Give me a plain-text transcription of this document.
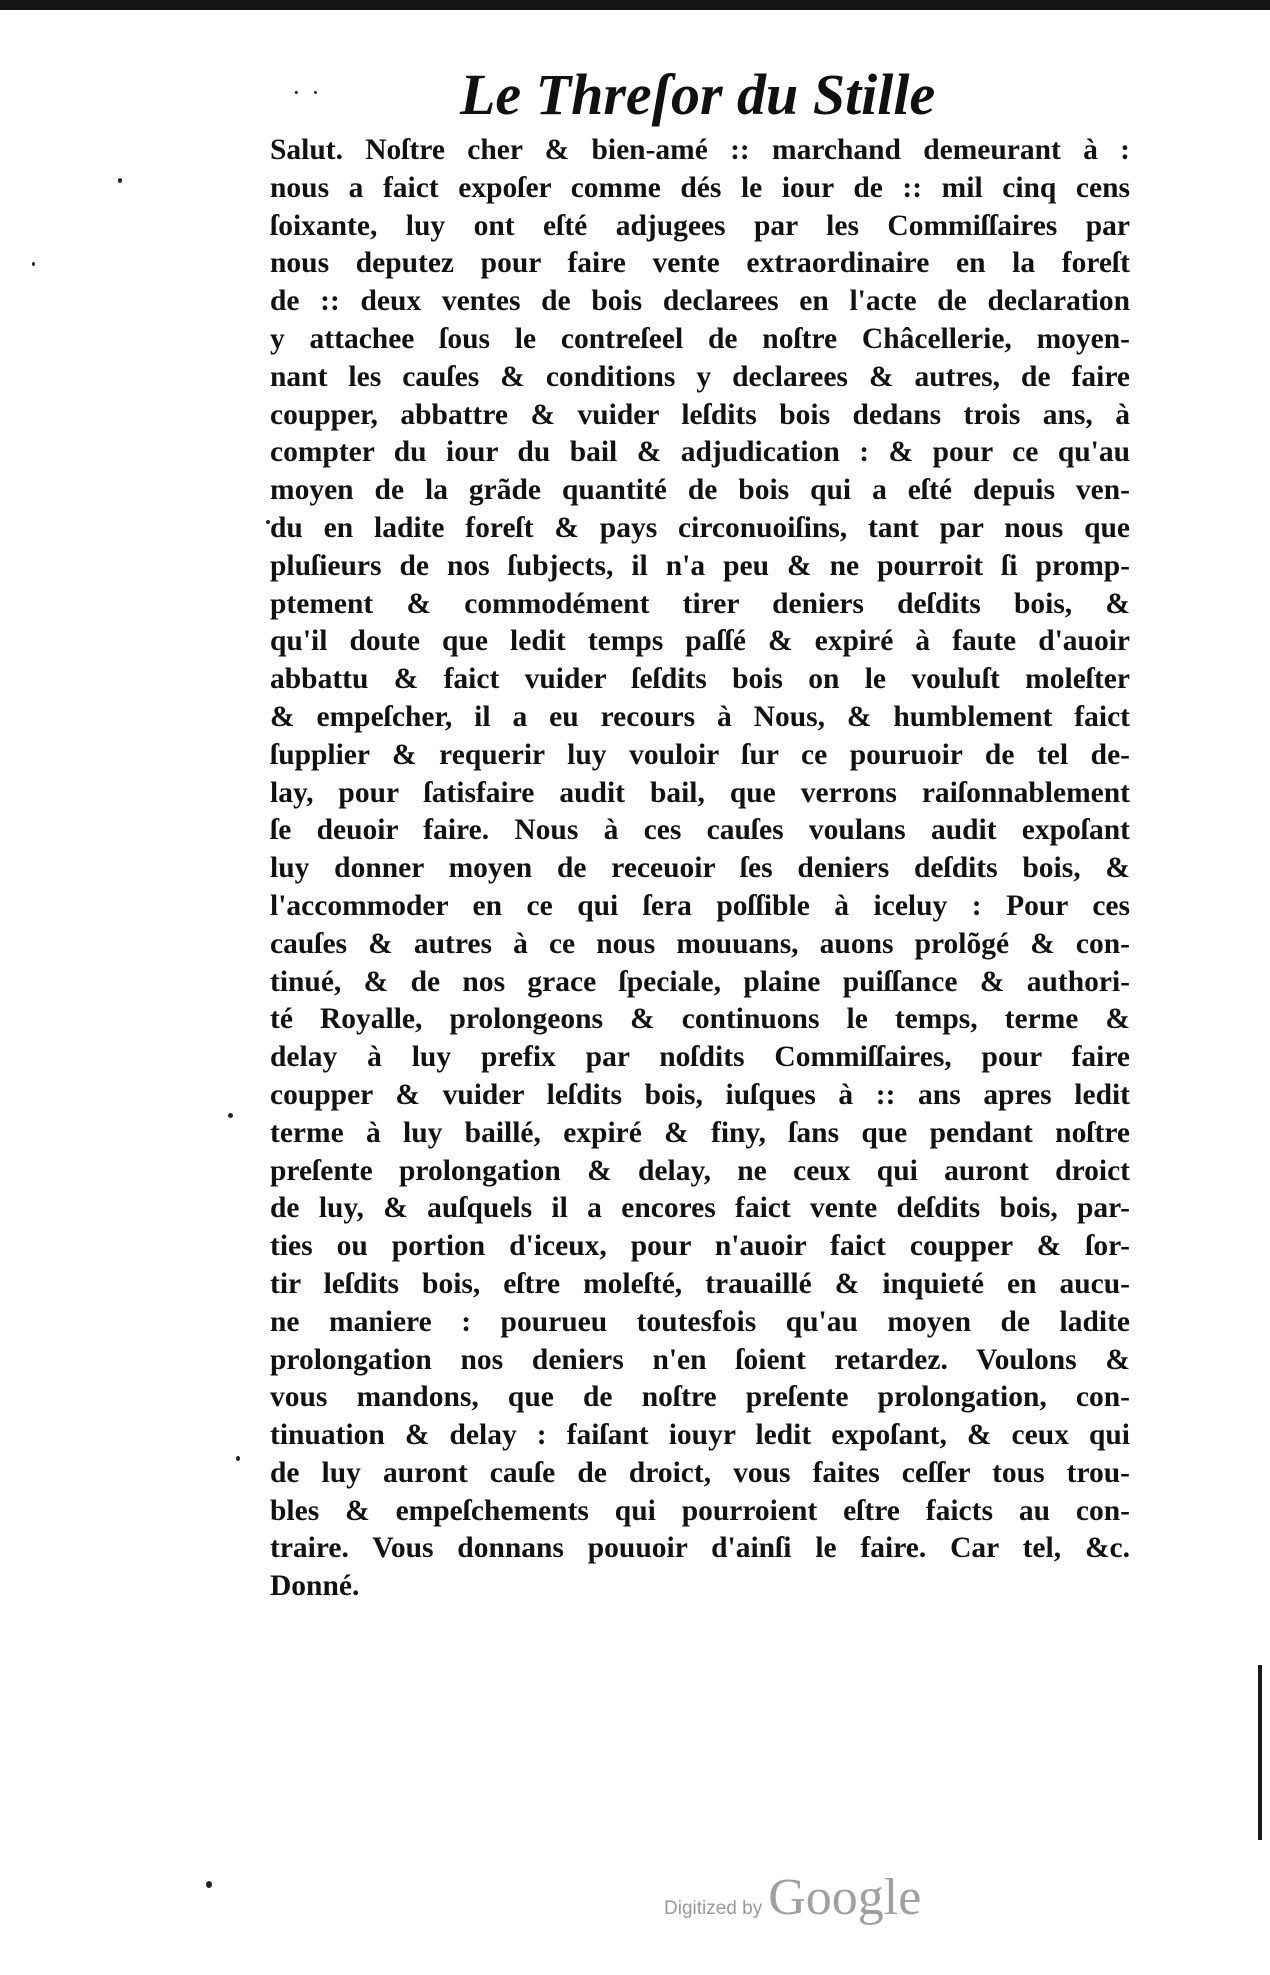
· · Le Threſor du Stille
Salut. Noſtre cher & bien-amé :: marchand demeurant à :
nous a faict expoſer comme dés le iour de :: mil cinq cens
ſoixante, luy ont eſté adjugees par les Commiſſaires par
nous deputez pour faire vente extraordinaire en la foreſt
de :: deux ventes de bois declarees en l'acte de declaration
y attachee ſous le contreſeel de noſtre Châcellerie, moyen-
nant les cauſes & conditions y declarees & autres, de faire
coupper, abbattre & vuider leſdits bois dedans trois ans, à
compter du iour du bail & adjudication : & pour ce qu'au
moyen de la grãde quantité de bois qui a eſté depuis ven-
du en ladite foreſt & pays circonuoiſins, tant par nous que
pluſieurs de nos ſubjects, il n'a peu & ne pourroit ſi promp-
ptement & commodément tirer deniers deſdits bois, &
qu'il doute que ledit temps paſſé & expiré à faute d'auoir
abbattu & faict vuider ſeſdits bois on le vouluſt moleſter
& empeſcher, il a eu recours à Nous, & humblement faict
ſupplier & requerir luy vouloir ſur ce pouruoir de tel de-
lay, pour ſatisfaire audit bail, que verrons raiſonnablement
ſe deuoir faire. Nous à ces cauſes voulans audit expoſant
luy donner moyen de receuoir ſes deniers deſdits bois, &
l'accommoder en ce qui ſera poſſible à iceluy : Pour ces
cauſes & autres à ce nous mouuans, auons prolõgé & con-
tinué, & de nos grace ſpeciale, plaine puiſſance & authori-
té Royalle, prolongeons & continuons le temps, terme &
delay à luy prefix par noſdits Commiſſaires, pour faire
coupper & vuider leſdits bois, iuſques à :: ans apres ledit
terme à luy baillé, expiré & finy, ſans que pendant noſtre
preſente prolongation & delay, ne ceux qui auront droict
de luy, & auſquels il a encores faict vente deſdits bois, par-
ties ou portion d'iceux, pour n'auoir faict coupper & ſor-
tir leſdits bois, eſtre moleſté, trauaillé & inquieté en aucu-
ne maniere : pourueu toutesfois qu'au moyen de ladite
prolongation nos deniers n'en ſoient retardez. Voulons &
vous mandons, que de noſtre preſente prolongation, con-
tinuation & delay : faiſant iouyr ledit expoſant, & ceux qui
de luy auront cauſe de droict, vous faites ceſſer tous trou-
bles & empeſchements qui pourroient eſtre faicts au con-
traire. Vous donnans pouuoir d'ainſi le faire. Car tel, &c.
Donné.
Digitized by Google
